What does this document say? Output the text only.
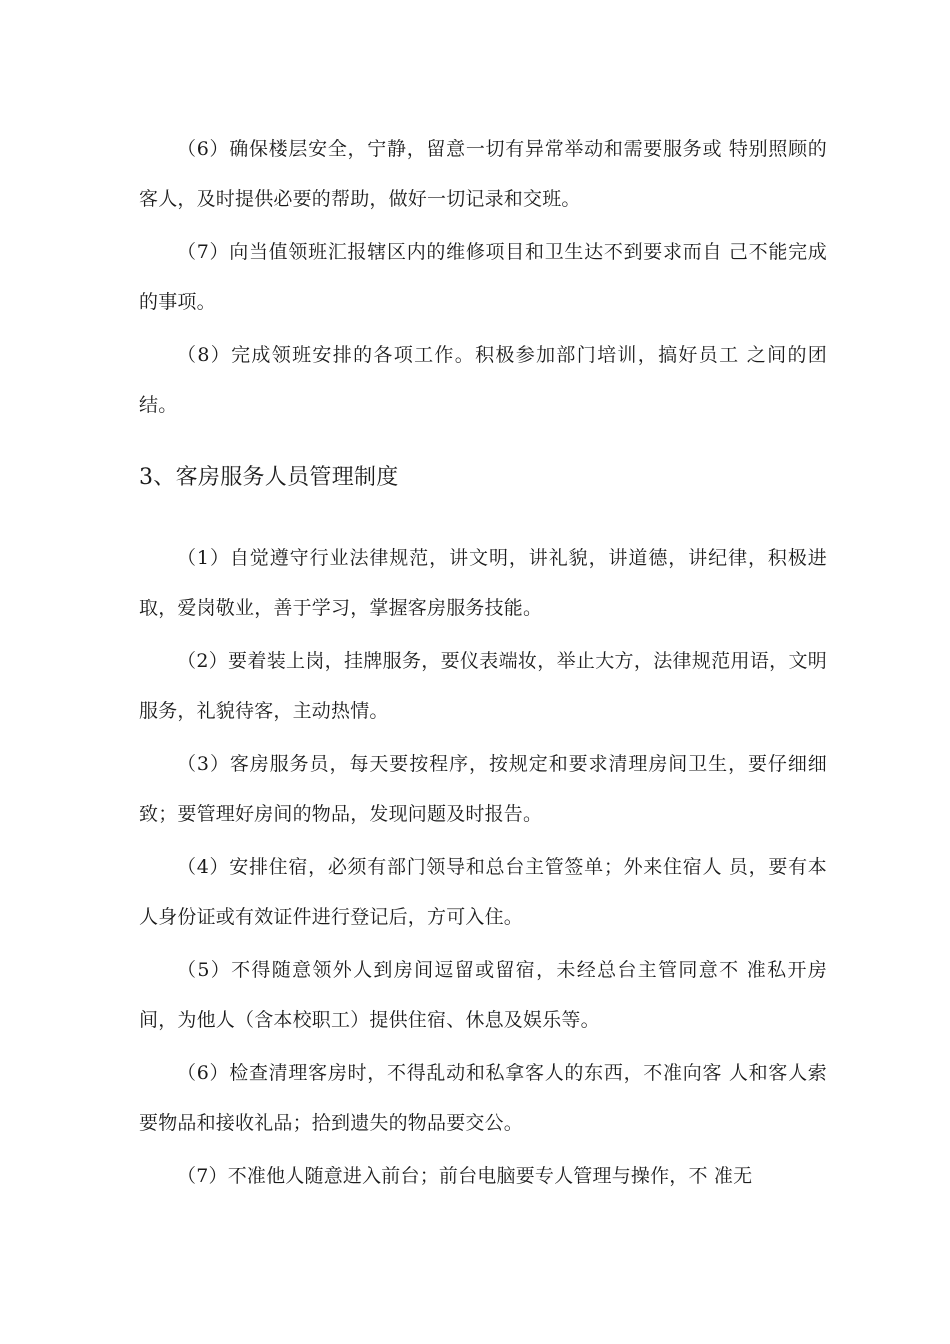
（6）确保楼层安全，宁静，留意一切有异常举动和需要服务或 特别照顾的客人，及时提供必要的帮助，做好一切记录和交班。

（7）向当值领班汇报辖区内的维修项目和卫生达不到要求而自 己不能完成的事项。

（8）完成领班安排的各项工作。积极参加部门培训，搞好员工 之间的团结。

3、客房服务人员管理制度

（1）自觉遵守行业法律规范，讲文明，讲礼貌，讲道德，讲纪律，积极进取，爱岗敬业，善于学习，掌握客房服务技能。

（2）要着装上岗，挂牌服务，要仪表端妆，举止大方，法律规范用语，文明服务，礼貌待客，主动热情。

（3）客房服务员，每天要按程序，按规定和要求清理房间卫生，要仔细细致；要管理好房间的物品，发现问题及时报告。

（4）安排住宿，必须有部门领导和总台主管签单；外来住宿人 员，要有本人身份证或有效证件进行登记后，方可入住。

（5）不得随意领外人到房间逗留或留宿，未经总台主管同意不 准私开房间，为他人（含本校职工）提供住宿、休息及娱乐等。

（6）检查清理客房时，不得乱动和私拿客人的东西，不准向客 人和客人索要物品和接收礼品；拾到遗失的物品要交公。

（7）不准他人随意进入前台；前台电脑要专人管理与操作，不 准无
